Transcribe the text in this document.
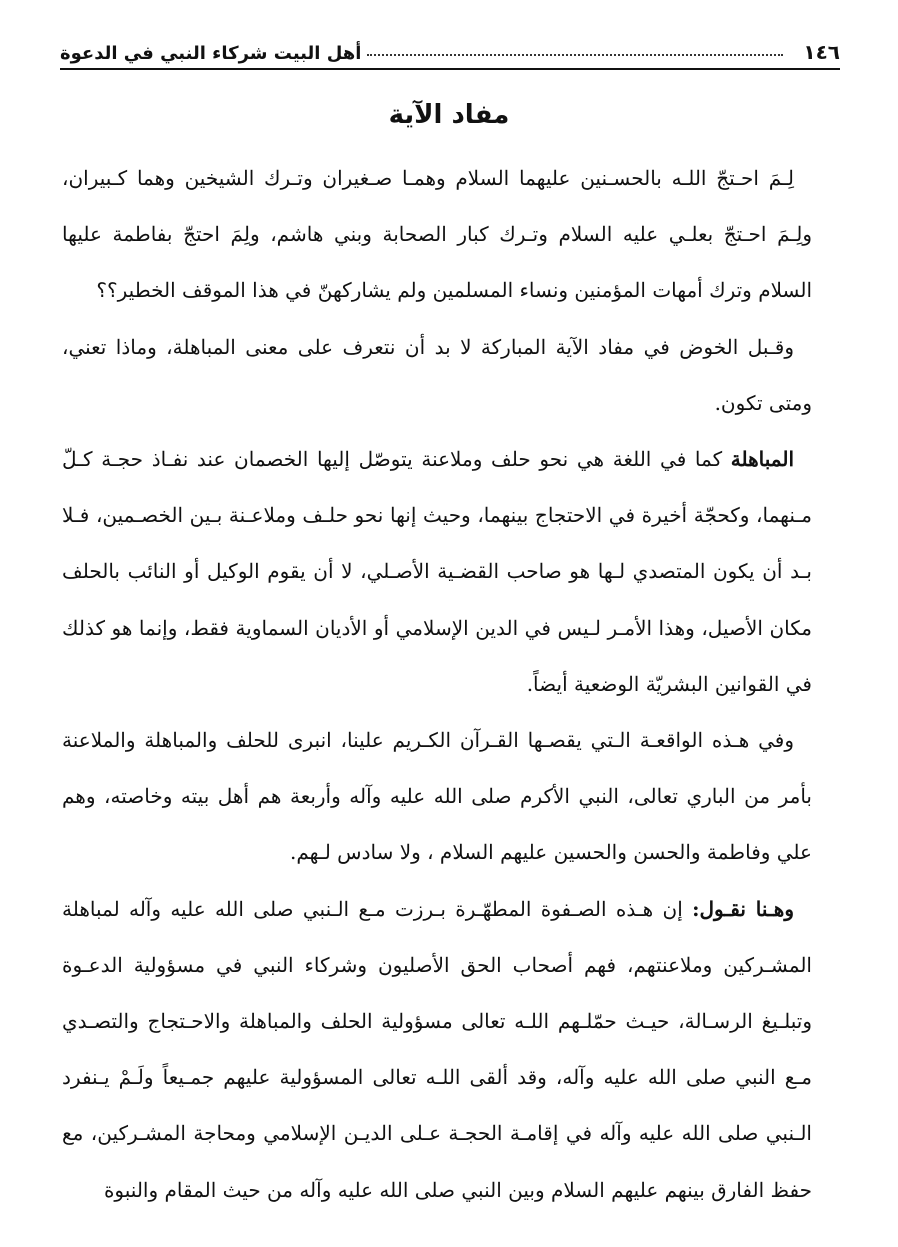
١٤٦
أهل البيت شركاء النبي في الدعوة
مفاد الآية

لِـمَ احـتجّ اللـه بالحسـنين عليهما السلام وهمـا صـغيران وتـرك الشيخين وهما كـبيران، ولِـمَ احـتجّ بعلـي عليه السلام وتـرك كبار الصحابة وبني هاشم، ولِمَ احتجّ بفاطمة عليها السلام وترك أمهات المؤمنين ونساء المسلمين ولم يشاركهنّ في هذا الموقف الخطير؟؟

وقـبل الخوض في مفاد الآية المباركة لا بد أن نتعرف على معنى المباهلة، وماذا تعني، ومتى تكون.

المباهلة كما في اللغة هي نحو حلف وملاعنة يتوصّل إليها الخصمان عند نفـاذ حجـة كـلّ مـنهما، وكحجّة أخيرة في الاحتجاج بينهما، وحيث إنها نحو حلـف وملاعـنة بـين الخصـمين، فـلا بـد أن يكون المتصدي لـها هو صاحب القضـية الأصـلي، لا أن يقوم الوكيل أو النائب بالحلف مكان الأصيل، وهذا الأمـر لـيس في الدين الإسلامي أو الأديان السماوية فقط، وإنما هو كذلك في القوانين البشريّة الوضعية أيضاً.

وفي هـذه الواقعـة الـتي يقصـها القـرآن الكـريم علينا، انبرى للحلف والمباهلة والملاعنة بأمر من الباري تعالى، النبي الأكرم صلى الله عليه وآله وأربعة هم أهل بيته وخاصته، وهم علي وفاطمة والحسن والحسين عليهم السلام ، ولا سادس لـهم.

وهـنا نقـول: إن هـذه الصـفوة المطهّـرة بـرزت مـع الـنبي صلى الله عليه وآله لمباهلة المشـركين وملاعنتهم، فهم أصحاب الحق الأصليون وشركاء النبي في مسؤولية الدعـوة وتبلـيغ الرسـالة، حيـث حمّلـهم اللـه تعالى مسؤولية الحلف والمباهلة والاحـتجاج والتصـدي مـع النبي صلى الله عليه وآله، وقد ألقى اللـه تعالى المسؤولية عليهم جمـيعاً ولَـمْ يـنفرد الـنبي صلى الله عليه وآله في إقامـة الحجـة عـلى الديـن الإسلامي ومحاجة المشـركين، مع حفظ الفارق بينهم عليهم السلام وبين النبي صلى الله عليه وآله من حيث المقام والنبوة
